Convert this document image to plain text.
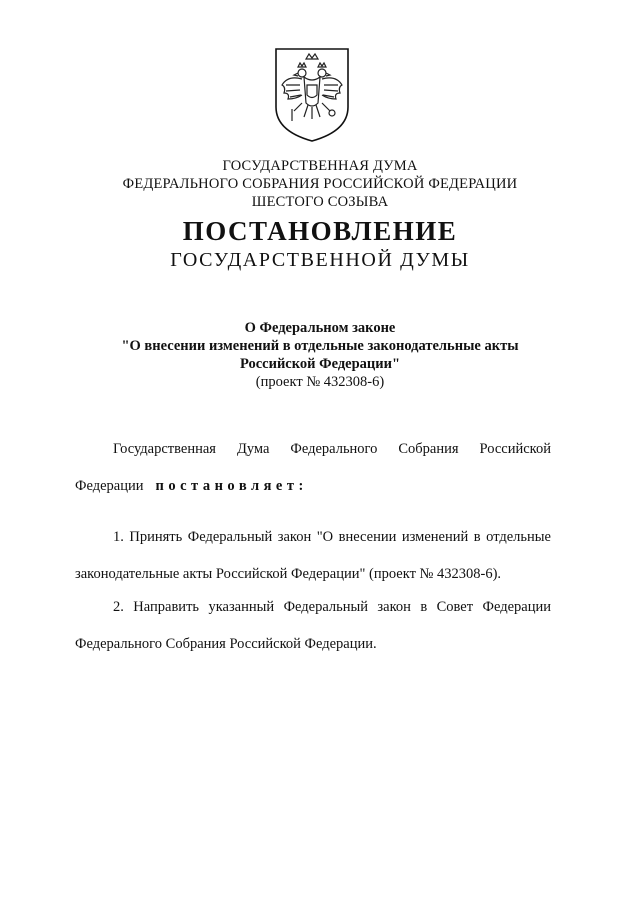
ГОСУДАРСТВЕННАЯ ДУМА
ФЕДЕРАЛЬНОГО СОБРАНИЯ РОССИЙСКОЙ ФЕДЕРАЦИИ
ШЕСТОГО СОЗЫВА
ПОСТАНОВЛЕНИЕ
ГОСУДАРСТВЕННОЙ ДУМЫ
О Федеральном законе
"О внесении изменений в отдельные законодательные акты
Российской Федерации"
(проект № 432308-6)
Государственная Дума Федерального Собрания Российской
Федерации постановляет:
1. Принять Федеральный закон "О внесении изменений в отдельные
законодательные акты Российской Федерации" (проект № 432308-6).
2. Направить указанный Федеральный закон в Совет Федерации
Федерального Собрания Российской Федерации.
